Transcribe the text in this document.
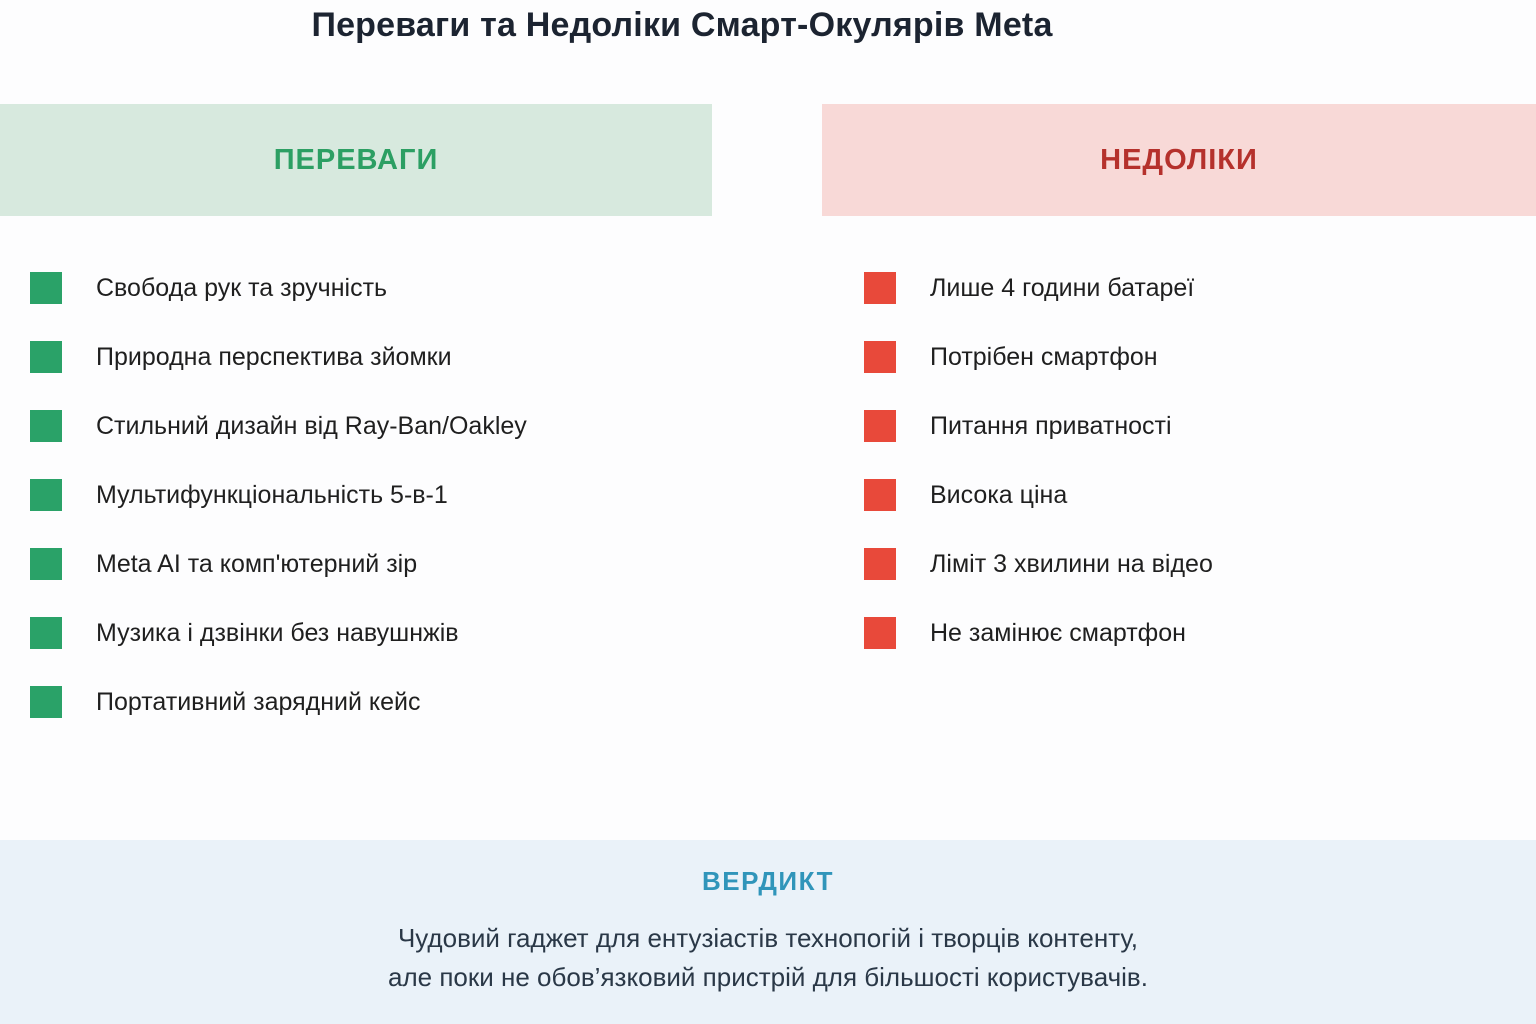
Переваги та Недоліки Смарт-Окулярів Meta
ПЕРЕВАГИ	НЕДОЛІКИ
Свобода рук та зручність
Природна перспектива зйомки
Стильний дизайн від Ray-Ban/Oakley
Мультифункціональність 5-в-1
Meta AI та комп'ютерний зір
Музика і дзвінки без навушнжів
Портативний зарядний кейс
Лише 4 години батареї
Потрібен смартфон
Питання приватності
Висока ціна
Ліміт 3 хвилини на відео
Не замінює смартфон
ВЕРДИКТ
Чудовий гаджет для ентузіастів технопогій і творців контенту,
але поки не обов’язковий пристрій для більшості користувачів.
